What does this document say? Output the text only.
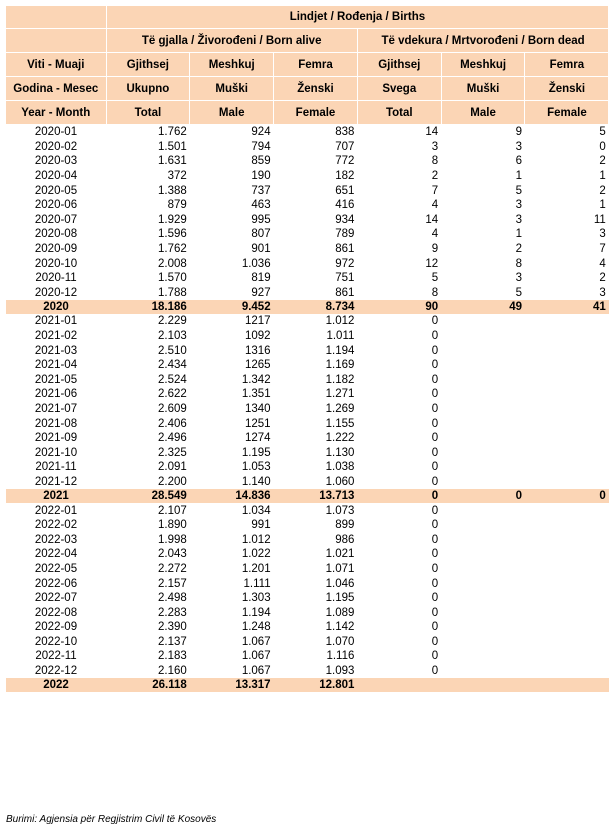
	Lindjet / Rođenja / Births					
	Të gjalla / Živorođeni / Born alive			Të vdekura / Mrtvorođeni / Born dead		
Viti - Muaji	Gjithsej	Meshkuj	Femra	Gjithsej	Meshkuj	Femra
Godina - Mesec	Ukupno	Muški	Ženski	Svega	Muški	Ženski
Year - Month	Total	Male	Female	Total	Male	Female
2020-01	1.762	924	838	14	9	5
2020-02	1.501	794	707	3	3	0
2020-03	1.631	859	772	8	6	2
2020-04	372	190	182	2	1	1
2020-05	1.388	737	651	7	5	2
2020-06	879	463	416	4	3	1
2020-07	1.929	995	934	14	3	11
2020-08	1.596	807	789	4	1	3
2020-09	1.762	901	861	9	2	7
2020-10	2.008	1.036	972	12	8	4
2020-11	1.570	819	751	5	3	2
2020-12	1.788	927	861	8	5	3
2020	18.186	9.452	8.734	90	49	41
2021-01	2.229	1217	1.012	0		
2021-02	2.103	1092	1.011	0		
2021-03	2.510	1316	1.194	0		
2021-04	2.434	1265	1.169	0		
2021-05	2.524	1.342	1.182	0		
2021-06	2.622	1.351	1.271	0		
2021-07	2.609	1340	1.269	0		
2021-08	2.406	1251	1.155	0		
2021-09	2.496	1274	1.222	0		
2021-10	2.325	1.195	1.130	0		
2021-11	2.091	1.053	1.038	0		
2021-12	2.200	1.140	1.060	0		
2021	28.549	14.836	13.713	0	0	0
2022-01	2.107	1.034	1.073	0		
2022-02	1.890	991	899	0		
2022-03	1.998	1.012	986	0		
2022-04	2.043	1.022	1.021	0		
2022-05	2.272	1.201	1.071	0		
2022-06	2.157	1.111	1.046	0		
2022-07	2.498	1.303	1.195	0		
2022-08	2.283	1.194	1.089	0		
2022-09	2.390	1.248	1.142	0		
2022-10	2.137	1.067	1.070	0		
2022-11	2.183	1.067	1.116	0		
2022-12	2.160	1.067	1.093	0		
2022	26.118	13.317	12.801			
Burimi: Agjensia për Regjistrim Civil të Kosovës
